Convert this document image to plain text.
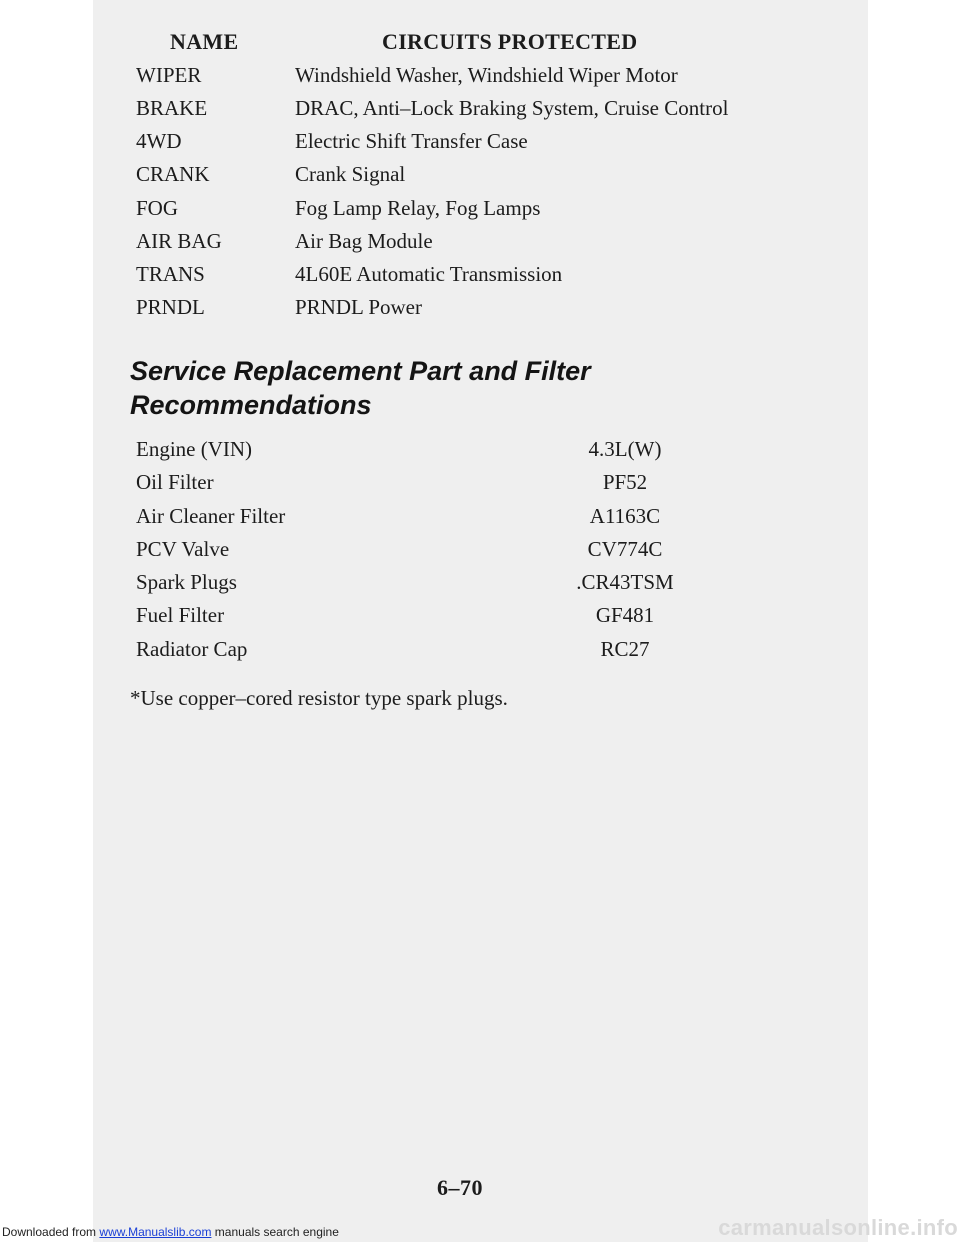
NAME	CIRCUITS PROTECTED
WIPER	Windshield Washer, Windshield Wiper Motor
BRAKE	DRAC, Anti–Lock Braking System, Cruise Control
4WD	Electric Shift Transfer Case
CRANK	Crank Signal
FOG	Fog Lamp Relay, Fog Lamps
AIR BAG	Air Bag Module
TRANS	4L60E Automatic Transmission
PRNDL	PRNDL Power
Service Replacement Part and Filter
Recommendations
Engine (VIN)	4.3L(W)
Oil Filter	PF52
Air Cleaner Filter	A1163C
PCV Valve	CV774C
Spark Plugs	.CR43TSM
Fuel Filter	GF481
Radiator Cap	RC27
*Use copper–cored resistor type spark plugs.
6–70
Downloaded from www.Manualslib.com manuals search engine	carmanualsonline.info
